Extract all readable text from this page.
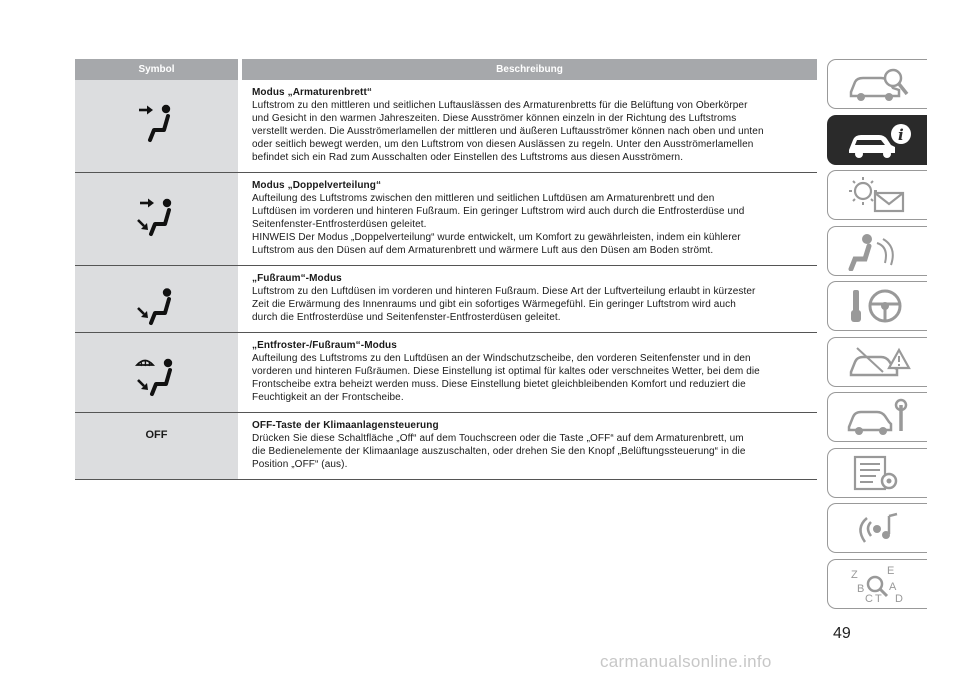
Symbol	Beschreibung
Modus „Armaturenbrett“
Luftstrom zu den mittleren und seitlichen Luftauslässen des Armaturenbretts für die Belüftung von Oberkörper
und Gesicht in den warmen Jahreszeiten. Diese Ausströmer können einzeln in der Richtung des Luftstroms
verstellt werden. Die Ausströmerlamellen der mittleren und äußeren Luftausströmer können nach oben und unten
oder seitlich bewegt werden, um den Luftstrom von diesen Auslässen zu regeln. Unter den Ausströmerlamellen
befindet sich ein Rad zum Ausschalten oder Einstellen des Luftstroms aus diesen Ausströmern.
Modus „Doppelverteilung“
Aufteilung des Luftstroms zwischen den mittleren und seitlichen Luftdüsen am Armaturenbrett und den
Luftdüsen im vorderen und hinteren Fußraum. Ein geringer Luftstrom wird auch durch die Entfrosterdüse und
Seitenfenster-Entfrosterdüsen geleitet.
HINWEIS Der Modus „Doppelverteilung“ wurde entwickelt, um Komfort zu gewährleisten, indem ein kühlerer
Luftstrom aus den Düsen auf dem Armaturenbrett und wärmere Luft aus den Düsen am Boden strömt.
„Fußraum“-Modus
Luftstrom zu den Luftdüsen im vorderen und hinteren Fußraum. Diese Art der Luftverteilung erlaubt in kürzester
Zeit die Erwärmung des Innenraums und gibt ein sofortiges Wärmegefühl. Ein geringer Luftstrom wird auch
durch die Entfrosterdüse und Seitenfenster-Entfrosterdüsen geleitet.
„Entfroster-/Fußraum“-Modus
Aufteilung des Luftstroms zu den Luftdüsen an der Windschutzscheibe, den vorderen Seitenfenster und in den
vorderen und hinteren Fußräumen. Diese Einstellung ist optimal für kaltes oder verschneites Wetter, bei dem die
Frontscheibe extra beheizt werden muss. Diese Einstellung bietet gleichbleibenden Komfort und reduziert die
Feuchtigkeit an der Frontscheibe.
OFF
OFF-Taste der Klimaanlagensteuerung
Drücken Sie diese Schaltfläche „Off“ auf dem Touchscreen oder die Taste „OFF“ auf dem Armaturenbrett, um
die Bedienelemente der Klimaanlage auszuschalten, oder drehen Sie den Knopf „Belüftungssteuerung“ in die
Position „OFF“ (aus).
i
Z	E
B A
C T D
49
carmanualsonline.info
